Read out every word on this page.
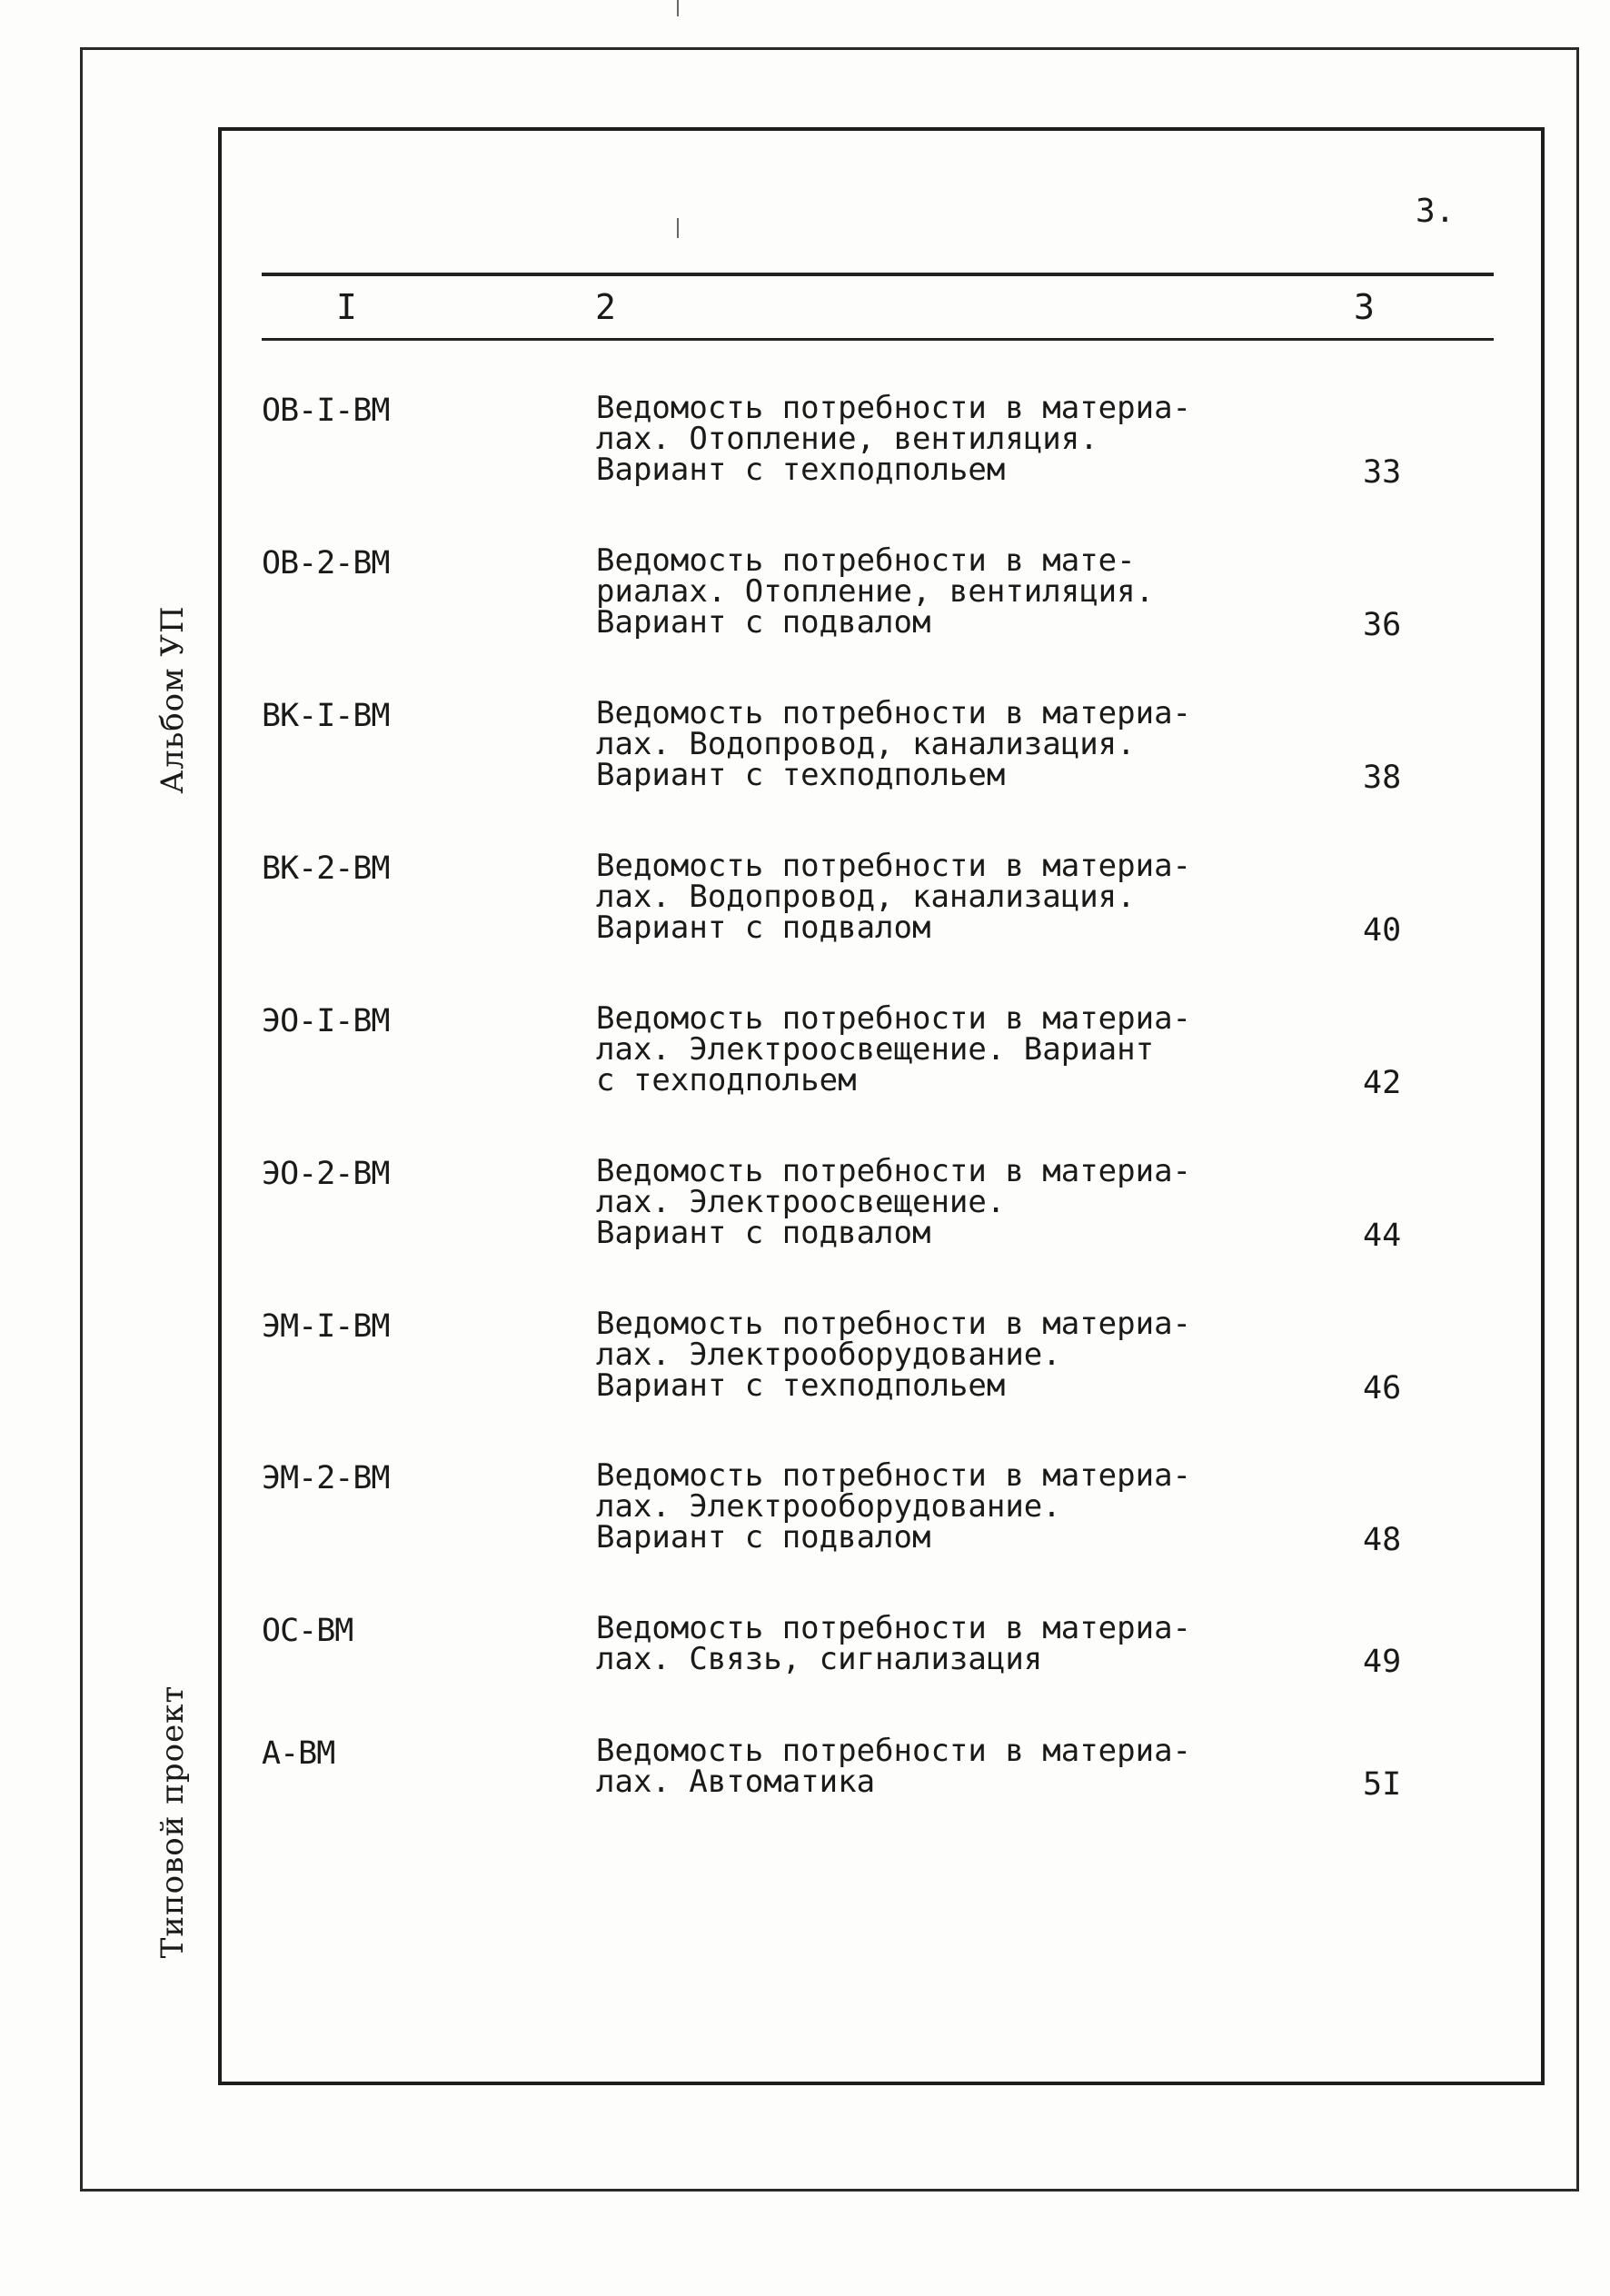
Альбом УП
Типовой проект
3.
I	2	3
ОВ-I-ВМ	Ведомость потребности в материа-
лах. Отопление, вентиляция.
Вариант с техподпольем	33
ОВ-2-ВМ	Ведомость потребности в мате-
риалах. Отопление, вентиляция.
Вариант с подвалом	36
ВК-I-ВМ	Ведомость потребности в материа-
лах. Водопровод, канализация.
Вариант с техподпольем	38
ВК-2-ВМ	Ведомость потребности в материа-
лах. Водопровод, канализация.
Вариант с подвалом	40
ЭО-I-ВМ	Ведомость потребности в материа-
лах. Электроосвещение. Вариант
с техподпольем	42
ЭО-2-ВМ	Ведомость потребности в материа-
лах. Электроосвещение.
Вариант с подвалом	44
ЭМ-I-ВМ	Ведомость потребности в материа-
лах. Электрооборудование.
Вариант с техподпольем	46
ЭМ-2-ВМ	Ведомость потребности в материа-
лах. Электрооборудование.
Вариант с подвалом	48
ОС-ВМ	Ведомость потребности в материа-
лах. Связь, сигнализация	49
А-ВМ	Ведомость потребности в материа-
лах. Автоматика	5I
